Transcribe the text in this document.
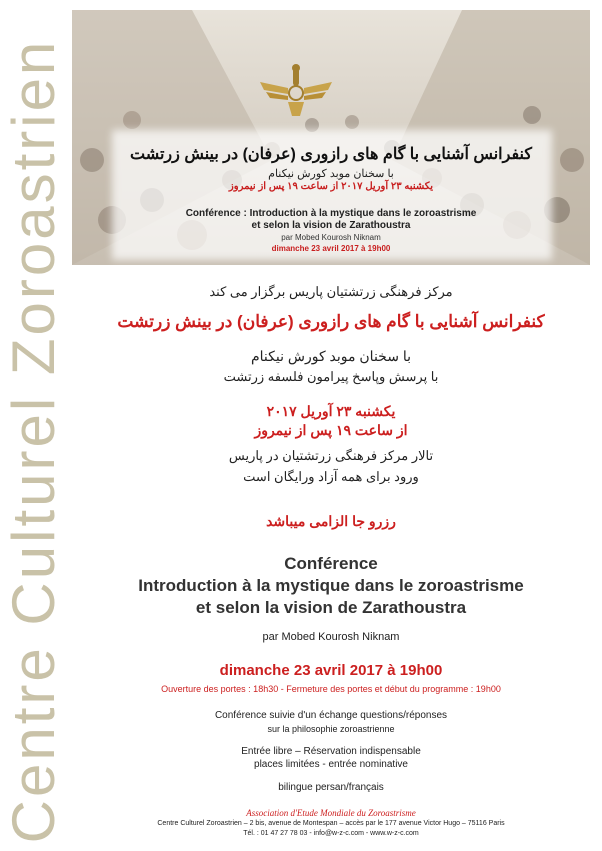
Centre Culturel Zoroastrien	کنفرانس آشنایی با گام های رازوری (عرفان) در بینش زرتشت
با سخنان موبد کورش نیکنام
یکشنبه ۲۳ آوریل ۲۰۱۷ از ساعت ۱۹ پس از نیمروز
Conférence : Introduction à la mystique dans le zoroastrisme
et selon la vision de Zarathoustra
par Mobed Kourosh Niknam
dimanche 23 avril 2017 à 19h00
مرکز فرهنگی زرتشتیان پاریس برگزار می کند
کنفرانس آشنایی با گام های رازوری (عرفان) در بینش زرتشت
با سخنان موبد کورش نیکنام
با پرسش وپاسخ پیرامون فلسفه زرتشت
یکشنبه ۲۳ آوریل ۲۰۱۷
از ساعت ۱۹ پس از نیمروز
تالار مرکز فرهنگی زرتشتیان در پاریس
ورود برای همه آزاد ورایگان است
رزرو جا الزامی میباشد
Conférence
Introduction à la mystique dans le zoroastrisme
et selon la vision de Zarathoustra
par Mobed Kourosh Niknam
dimanche 23 avril 2017 à 19h00
Ouverture des portes : 18h30 - Fermeture des portes et début du programme : 19h00
Conférence suivie d'un échange questions/réponses
sur la philosophie zoroastrienne
Entrée libre – Réservation indispensable
places limitées - entrée nominative
bilingue persan/français
Association d'Etude Mondiale du Zoroastrisme
Centre Culturel Zoroastrien – 2 bis, avenue de Montespan – accès par le 177 avenue Victor Hugo – 75116 Paris
Tél. : 01 47 27 78 03 - info@w-z-c.com - www.w-z-c.com
